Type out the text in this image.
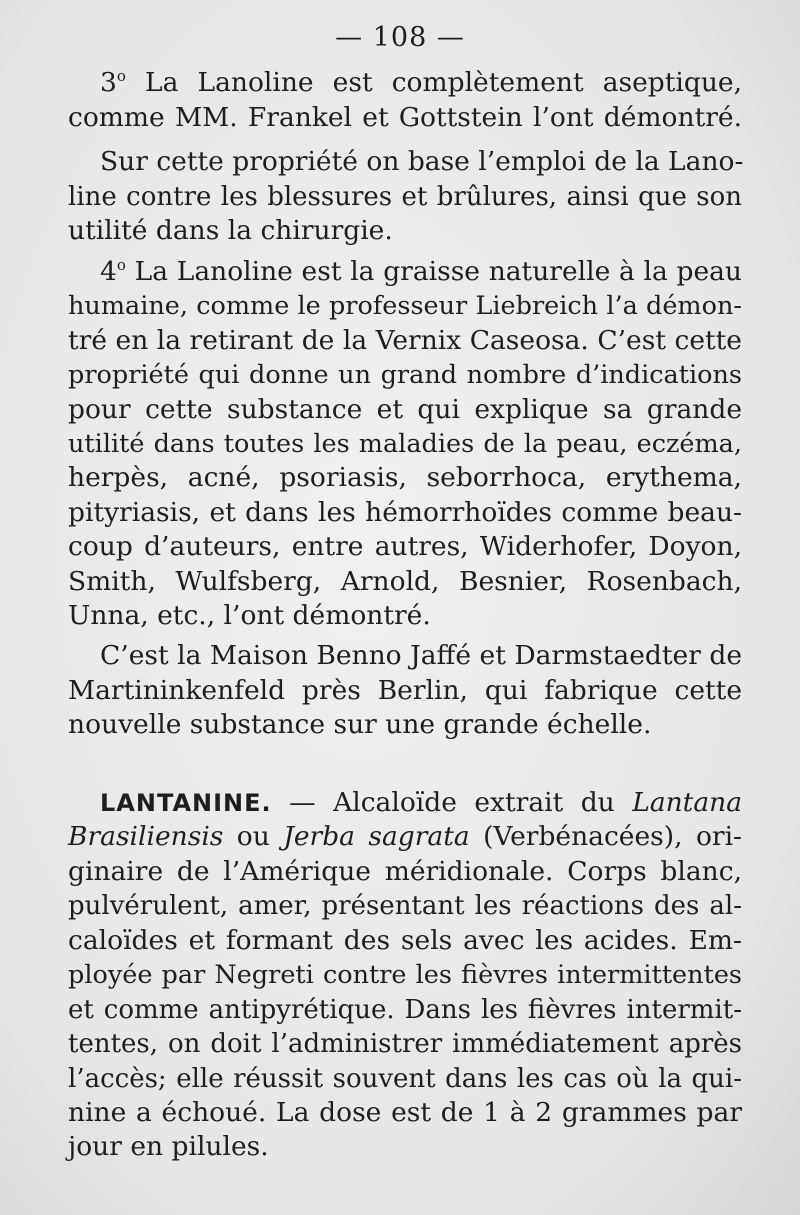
— 108 —
3$^o$ La Lanoline est complètement aseptique,
comme MM. Frankel et Gottstein l’ont démontré.
Sur cette propriété on base l’emploi de la Lano-
line contre les blessures et brûlures, ainsi que son
utilité dans la chirurgie.
4$^o$ La Lanoline est la graisse naturelle à la peau
humaine, comme le professeur Liebreich l’a démon-
tré en la retirant de la Vernix Caseosa. C’est cette
propriété qui donne un grand nombre d’indications
pour cette substance et qui explique sa grande
utilité dans toutes les maladies de la peau, eczéma,
herpès, acné, psoriasis, seborrhoca, erythema,
pityriasis, et dans les hémorrhoïdes comme beau-
coup d’auteurs, entre autres, Widerhofer, Doyon,
Smith, Wulfsberg, Arnold, Besnier, Rosenbach,
Unna, etc., l’ont démontré.
C’est la Maison Benno Jaffé et Darmstaedter de
Martininkenfeld près Berlin, qui fabrique cette
nouvelle substance sur une grande échelle.
LANTANINE. — Alcaloïde extrait du Lantana
Brasiliensis ou Jerba sagrata (Verbénacées), ori-
ginaire de l’Amérique méridionale. Corps blanc,
pulvérulent, amer, présentant les réactions des al-
caloïdes et formant des sels avec les acides. Em-
ployée par Negreti contre les fièvres intermittentes
et comme antipyrétique. Dans les fièvres intermit-
tentes, on doit l’administrer immédiatement après
l’accès; elle réussit souvent dans les cas où la qui-
nine a échoué. La dose est de 1 à 2 grammes par
jour en pilules.
